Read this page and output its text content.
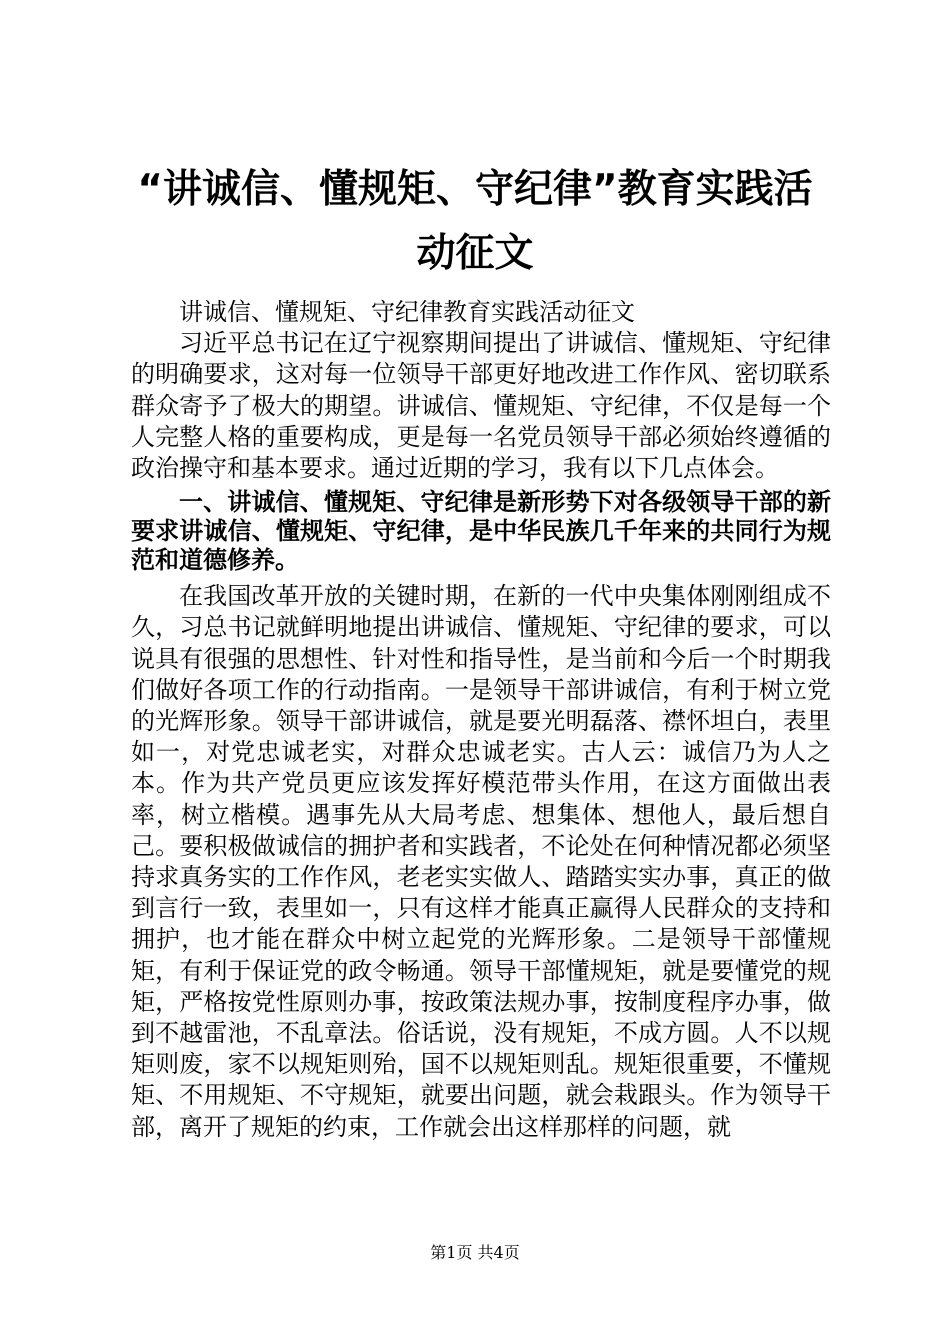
“讲诚信、懂规矩、守纪律”教育实践活动征文

讲诚信、懂规矩、守纪律教育实践活动征文

习近平总书记在辽宁视察期间提出了讲诚信、懂规矩、守纪律的明确要求，这对每一位领导干部更好地改进工作作风、密切联系群众寄予了极大的期望。讲诚信、懂规矩、守纪律，不仅是每一个人完整人格的重要构成，更是每一名党员领导干部必须始终遵循的政治操守和基本要求。通过近期的学习，我有以下几点体会。

一、讲诚信、懂规矩、守纪律是新形势下对各级领导干部的新要求讲诚信、懂规矩、守纪律，是中华民族几千年来的共同行为规范和道德修养。

在我国改革开放的关键时期，在新的一代中央集体刚刚组成不久，习总书记就鲜明地提出讲诚信、懂规矩、守纪律的要求，可以说具有很强的思想性、针对性和指导性，是当前和今后一个时期我们做好各项工作的行动指南。一是领导干部讲诚信，有利于树立党的光辉形象。领导干部讲诚信，就是要光明磊落、襟怀坦白，表里如一，对党忠诚老实，对群众忠诚老实。古人云：诚信乃为人之本。作为共产党员更应该发挥好模范带头作用，在这方面做出表率，树立楷模。遇事先从大局考虑、想集体、想他人，最后想自己。要积极做诚信的拥护者和实践者，不论处在何种情况都必须坚持求真务实的工作作风，老老实实做人、踏踏实实办事，真正的做到言行一致，表里如一，只有这样才能真正赢得人民群众的支持和拥护，也才能在群众中树立起党的光辉形象。二是领导干部懂规矩，有利于保证党的政令畅通。领导干部懂规矩，就是要懂党的规矩，严格按党性原则办事，按政策法规办事，按制度程序办事，做到不越雷池，不乱章法。俗话说，没有规矩，不成方圆。人不以规矩则废，家不以规矩则殆，国不以规矩则乱。规矩很重要，不懂规矩、不用规矩、不守规矩，就要出问题，就会栽跟头。作为领导干部，离开了规矩的约束，工作就会出这样那样的问题，就

第1页 共4页
